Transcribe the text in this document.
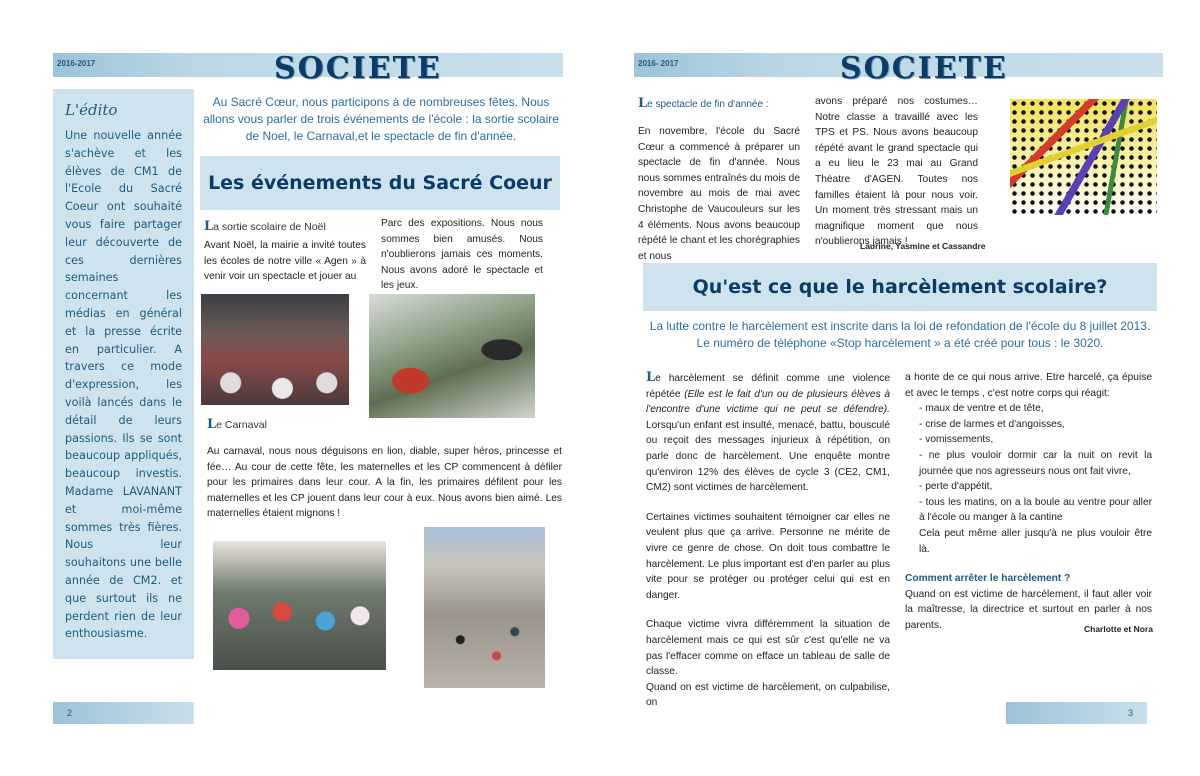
2016-2017	SOCIETE
L'édito
Une nouvelle année s'achève et les élèves de CM1 de l'Ecole du Sacré Coeur ont souhaité vous faire partager leur découverte de ces dernières semaines concernant les médias en général et la presse écrite en particulier. A travers ce mode d'expression, les voilà lancés dans le détail de leurs passions. Ils se sont beaucoup appliqués, beaucoup investis. Madame LAVANANT et moi-même sommes très fières. Nous leur souhaitons une belle année de CM2. et que surtout ils ne perdent rien de leur enthousiasme.
Au Sacré Cœur, nous participons à de nombreuses fêtes. Nous allons vous parler de trois événements de l'école : la sortie scolaire de Noel, le Carnaval,et le spectacle de fin d'année.
Les événements du Sacré Coeur
La sortie scolaire de Noël
Avant Noël, la mairie a invité toutes les écoles de notre ville « Agen » à venir voir un spectacle et jouer au
Parc des expositions. Nous nous sommes bien amusés. Nous n'oublierons jamais ces moments. Nous avons adoré le spectacle et les jeux.
Le Carnaval
Au carnaval, nous nous déguisons en lion, diable, super héros, princesse et fée… Au cour de cette fête, les maternelles et les CP commencent à défiler pour les primaires dans leur cour. A la fin, les primaires défilent pour les maternelles et les CP jouent dans leur cour à eux. Nous avons bien aimé. Les maternelles étaient mignons !
2
2016- 2017	SOCIETE
Le spectacle de fin d'année :
En novembre, l'école du Sacré Cœur a commencé à préparer un spectacle de fin d'année. Nous nous sommes entraînés du mois de novembre au mois de mai avec Christophe de Vaucouleurs sur les 4 éléments. Nous avons beaucoup répété le chant et les chorégraphies et nous
avons préparé nos costumes… Notre classe a travaillé avec les TPS et PS. Nous avons beaucoup répété avant le grand spectacle qui a eu lieu le 23 mai au Grand Théatre d'AGEN. Toutes nos familles étaient là pour nous voir. Un moment très stressant mais un magnifique moment que nous n'oublierons jamais !
Laurine, Yasmine et Cassandre
Qu'est ce que le harcèlement scolaire?
La lutte contre le harcèlement est inscrite dans la loi de refondation de l'école du 8 juillet 2013.
Le numéro de téléphone «Stop harcèlement » a été créé pour tous : le 3020.

Le harcèlement se définit comme une violence répétée (Elle est le fait d'un ou de plusieurs élèves à l'encontre d'une victime qui ne peut se défendre). Lorsqu'un enfant est insulté, menacé, battu, bousculé ou reçoit des messages injurieux à répétition, on parle donc de harcèlement. Une enquête montre qu'environ 12% des élèves de cycle 3 (CE2, CM1, CM2) sont victimes de harcèlement.

Certaines victimes souhaitent témoigner car elles ne veulent plus que ça arrive. Personne ne mérite de vivre ce genre de chose. On doit tous combattre le harcèlement. Le plus important est d'en parler au plus vite pour se protéger ou protéger celui qui est en danger.

Chaque victime vivra différemment la situation de harcèlement mais ce qui est sûr c'est qu'elle ne va pas l'effacer comme on efface un tableau de salle de classe.

Quand on est victime de harcèlement, on culpabilise, on

a honte de ce qui nous arrive. Etre harcelé, ça épuise et avec le temps , c'est notre corps qui réagit:

- maux de ventre et de tête,
- crise de larmes et d'angoisses,
- vomissements,
- ne plus vouloir dormir car la nuit on revit la journée que nos agresseurs nous ont fait vivre,
- perte d'appétit,
- tous les matins, on a la boule au ventre pour aller à l'école ou manger à la cantine

Cela peut même aller jusqu'à ne plus vouloir être là.

Comment arrêter le harcèlement ?

Quand on est victime de harcèlement, il faut aller voir la maîtresse, la directrice et surtout en parler à nos parents.	Charlotte et Nora
3
